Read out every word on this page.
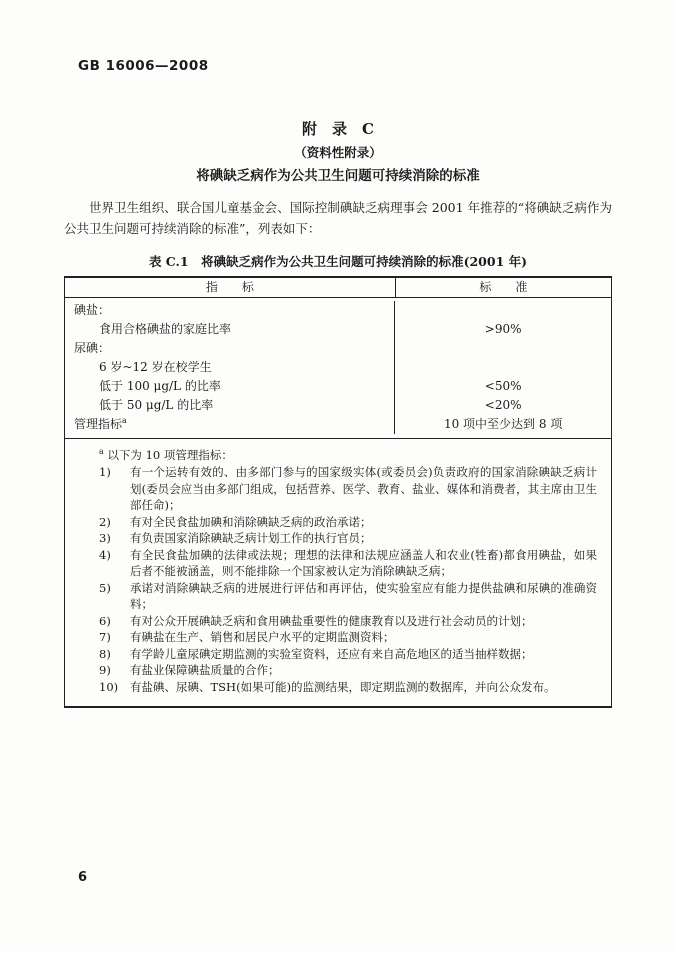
GB 16006—2008
附　录　C
（资料性附录）
将碘缺乏病作为公共卫生问题可持续消除的标准

世界卫生组织、联合国儿童基金会、国际控制碘缺乏病理事会 2001 年推荐的“将碘缺乏病作为公共卫生问题可持续消除的标准”，列表如下：

表 C.1　将碘缺乏病作为公共卫生问题可持续消除的标准(2001 年)
指　　标	标　　准
碘盐：
食用合格碘盐的家庭比率	>90%
尿碘：
6 岁~12 岁在校学生
低于 100 μg/L 的比率	<50%
低于 50 μg/L 的比率	<20%
管理指标$^a$	10 项中至少达到 8 项
$^a$ 以下为 10 项管理指标：
1)	有一个运转有效的、由多部门参与的国家级实体(或委员会)负责政府的国家消除碘缺乏病计划(委员会应当由多部门组成，包括营养、医学、教育、盐业、媒体和消费者，其主席由卫生部任命)；
2)	有对全民食盐加碘和消除碘缺乏病的政治承诺；
3)	有负责国家消除碘缺乏病计划工作的执行官员；
4)	有全民食盐加碘的法律或法规；理想的法律和法规应涵盖人和农业(牲畜)都食用碘盐，如果后者不能被涵盖，则不能排除一个国家被认定为消除碘缺乏病；
5)	承诺对消除碘缺乏病的进展进行评估和再评估，使实验室应有能力提供盐碘和尿碘的准确资料；
6)	有对公众开展碘缺乏病和食用碘盐重要性的健康教育以及进行社会动员的计划；
7)	有碘盐在生产、销售和居民户水平的定期监测资料；
8)	有学龄儿童尿碘定期监测的实验室资料，还应有来自高危地区的适当抽样数据；
9)	有盐业保障碘盐质量的合作；
10)	有盐碘、尿碘、TSH(如果可能)的监测结果，即定期监测的数据库，并向公众发布。
6
